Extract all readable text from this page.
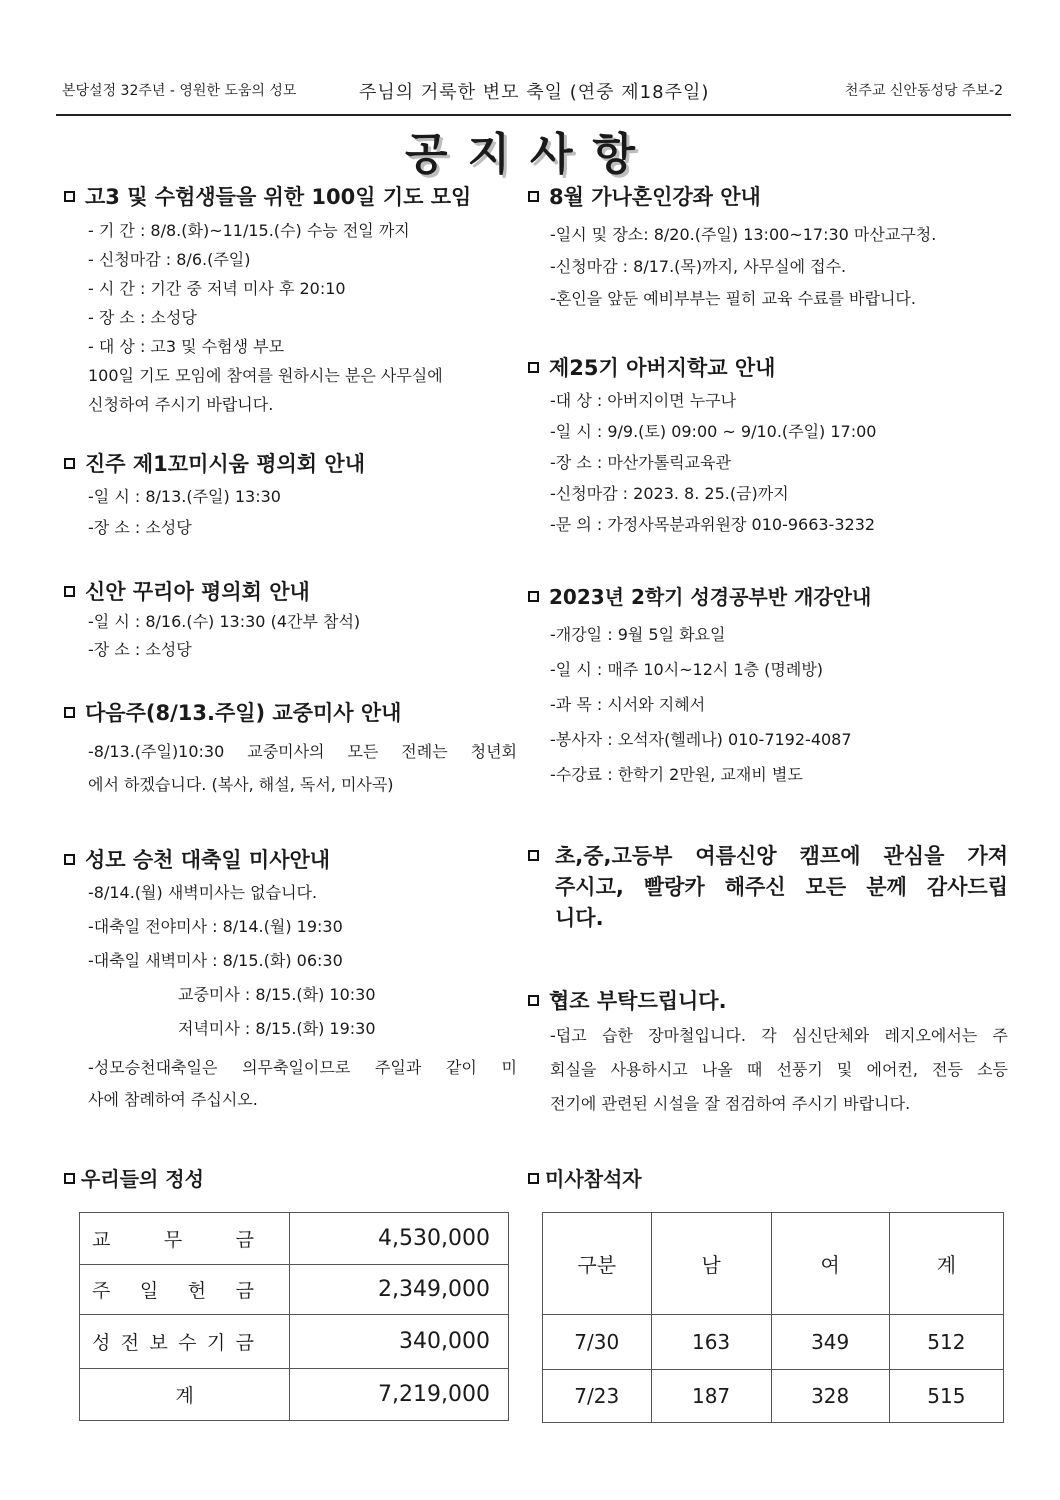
본당설정 32주년 - 영원한 도움의 성모	주님의 거룩한 변모 축일 (연중 제18주일)	천주교 신안동성당 주보-2
공지사항
고3 및 수험생들을 위한 100일 기도 모임
- 기 간 : 8/8.(화)~11/15.(수) 수능 전일 까지
- 신청마감 : 8/6.(주일)
- 시 간 : 기간 중 저녁 미사 후 20:10
- 장 소 : 소성당
- 대 상 : 고3 및 수험생 부모
100일 기도 모임에 참여를 원하시는 분은 사무실에
신청하여 주시기 바랍니다.
진주 제1꼬미시움 평의회 안내
-일 시 : 8/13.(주일) 13:30
-장 소 : 소성당
신안 꾸리아 평의회 안내
-일 시 : 8/16.(수) 13:30 (4간부 참석)
-장 소 : 소성당
다음주(8/13.주일) 교중미사 안내
-8/13.(주일)10:30 교중미사의 모든 전례는 청년회
에서 하겠습니다. (복사, 해설, 독서, 미사곡)
성모 승천 대축일 미사안내
-8/14.(월) 새벽미사는 없습니다.
-대축일 전야미사 : 8/14.(월) 19:30
-대축일 새벽미사 : 8/15.(화) 06:30
교중미사 : 8/15.(화) 10:30
저녁미사 : 8/15.(화) 19:30
-성모승천대축일은 의무축일이므로 주일과 같이 미
사에 참례하여 주십시오.
8월 가나혼인강좌 안내
-일시 및 장소: 8/20.(주일) 13:00~17:30 마산교구청.
-신청마감 : 8/17.(목)까지, 사무실에 접수.
-혼인을 앞둔 예비부부는 필히 교육 수료를 바랍니다.
제25기 아버지학교 안내
-대 상 : 아버지이면 누구나
-일 시 : 9/9.(토) 09:00 ~ 9/10.(주일) 17:00
-장 소 : 마산가톨릭교육관
-신청마감 : 2023. 8. 25.(금)까지
-문 의 : 가정사목분과위원장 010-9663-3232
2023년 2학기 성경공부반 개강안내
-개강일 : 9월 5일 화요일
-일 시 : 매주 10시~12시 1층 (명례방)
-과 목 : 시서와 지혜서
-봉사자 : 오석자(헬레나) 010-7192-4087
-수강료 : 한학기 2만원, 교재비 별도
초,중,고등부 여름신앙 캠프에 관심을 가져
주시고, 빨랑카 해주신 모든 분께 감사드립
니다.
협조 부탁드립니다.
-덥고 습한 장마철입니다. 각 심신단체와 레지오에서는 주
회실을 사용하시고 나올 때 선풍기 및 에어컨, 전등 소등
전기에 관련된 시설을 잘 점검하여 주시기 바랍니다.
우리들의 정성
교 무 금	4,530,000

주 일 헌 금	2,349,000

성 전 보 수 기 금	340,000
계	7,219,000
미사참석자
구분	남	여	계
7/30	163	349	512
7/23	187	328	515
